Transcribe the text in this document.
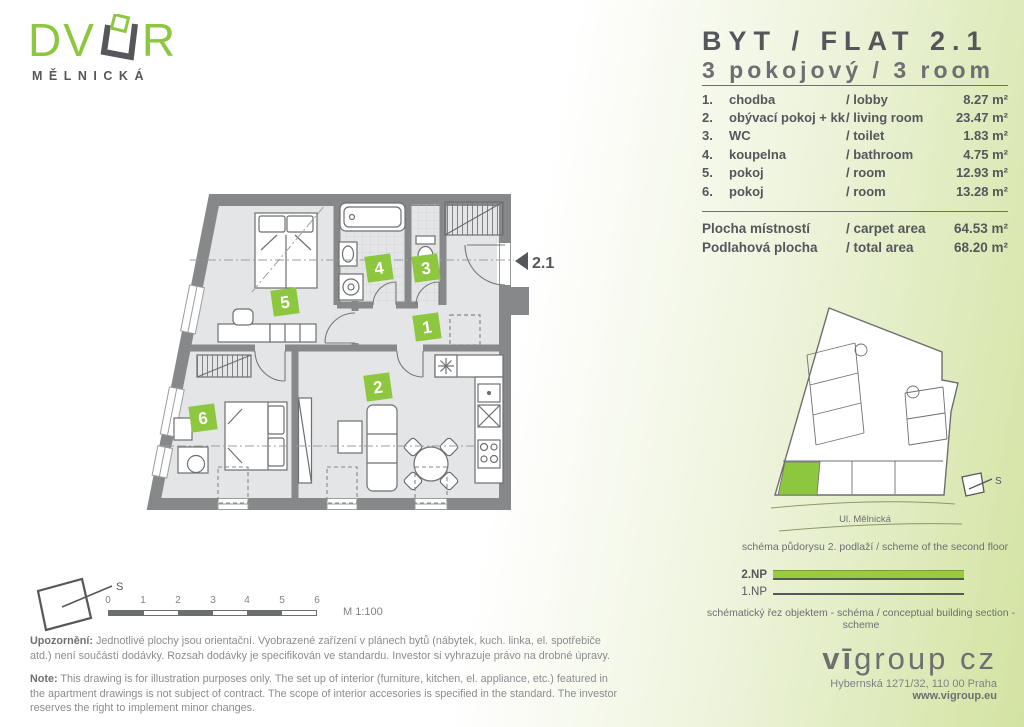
DV R
MĚLNICKÁ
BYT / FLAT 2.1
3 pokojový / 3 room
1.	chodba	/ lobby	8.27 m²
2.	obývací pokoj + kk / living room	23.47 m²
3.	WC	/ toilet	1.83 m²
4.	koupelna	/ bathroom	4.75 m²
5.	pokoj	/ room	12.93 m²
6.	pokoj	/ room	13.28 m²
Plocha místností	/ carpet area	64.53 m²
Podlahová plocha	/ total area	68.20 m²
2.1
1
2
3
4
5
6
S
0	1	2	3	4	5	6
M 1:100
S
Ul. Mělnická
schéma půdorysu 2. podlaží / scheme of the second floor
2.NP
1.NP
schématický řez objektem - schéma / conceptual building section - scheme

Upozornění: Jednotlivé plochy jsou orientační. Vyobrazené zařízení v plánech bytů (nábytek, kuch. linka, el. spotřebiče atd.) není součástí dodávky. Rozsah dodávky je specifikován ve standardu. Investor si vyhrazuje právo na drobné úpravy.

Note: This drawing is for illustration purposes only. The set up of interior (furniture, kitchen, el. appliance, etc.) featured in the apartment drawings is not subject of contract. The scope of interior accesories is specified in the standard. The investor reserves the right to implement minor changes.

vīgroup cz
Hybernská 1271/32, 110 00 Praha
www.vigroup.eu
